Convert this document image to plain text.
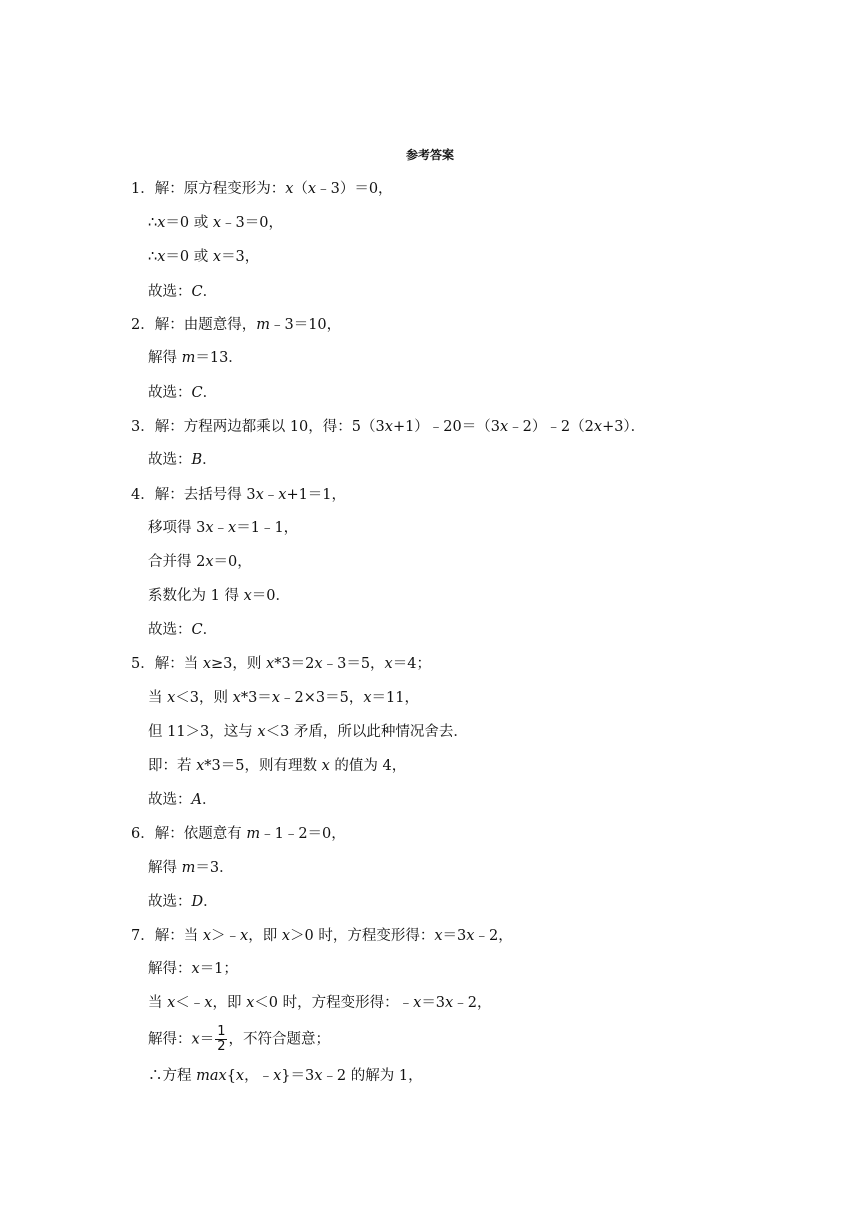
参考答案
1．解：原方程变形为：x（x﹣3）＝0，
∴x＝0 或 x﹣3＝0，
∴x＝0 或 x＝3，
故选：C．
2．解：由题意得，m﹣3＝10，
解得 m＝13．
故选：C．
3．解：方程两边都乘以 10，得：5（3x+1）﹣20＝（3x﹣2）﹣2（2x+3）．
故选：B．
4．解：去括号得 3x﹣x+1＝1，
移项得 3x﹣x＝1﹣1，
合并得 2x＝0，
系数化为 1 得 x＝0．
故选：C．
5．解：当 x≥3，则 x*3＝2x﹣3＝5，x＝4；
当 x＜3，则 x*3＝x﹣2×3＝5，x＝11，
但 11＞3，这与 x＜3 矛盾，所以此种情况舍去．
即：若 x*3＝5，则有理数 x 的值为 4，
故选：A．
6．解：依题意有 m﹣1﹣2＝0，
解得 m＝3．
故选：D．
7．解：当 x＞﹣x，即 x＞0 时，方程变形得：x＝3x﹣2，
解得：x＝1；
当 x＜﹣x，即 x＜0 时，方程变形得：﹣x＝3x﹣2，
∴方程 max{x，﹣x}＝3x﹣2 的解为 1，
解得：$x= \frac{1}{2}$ ，不符合题意；
